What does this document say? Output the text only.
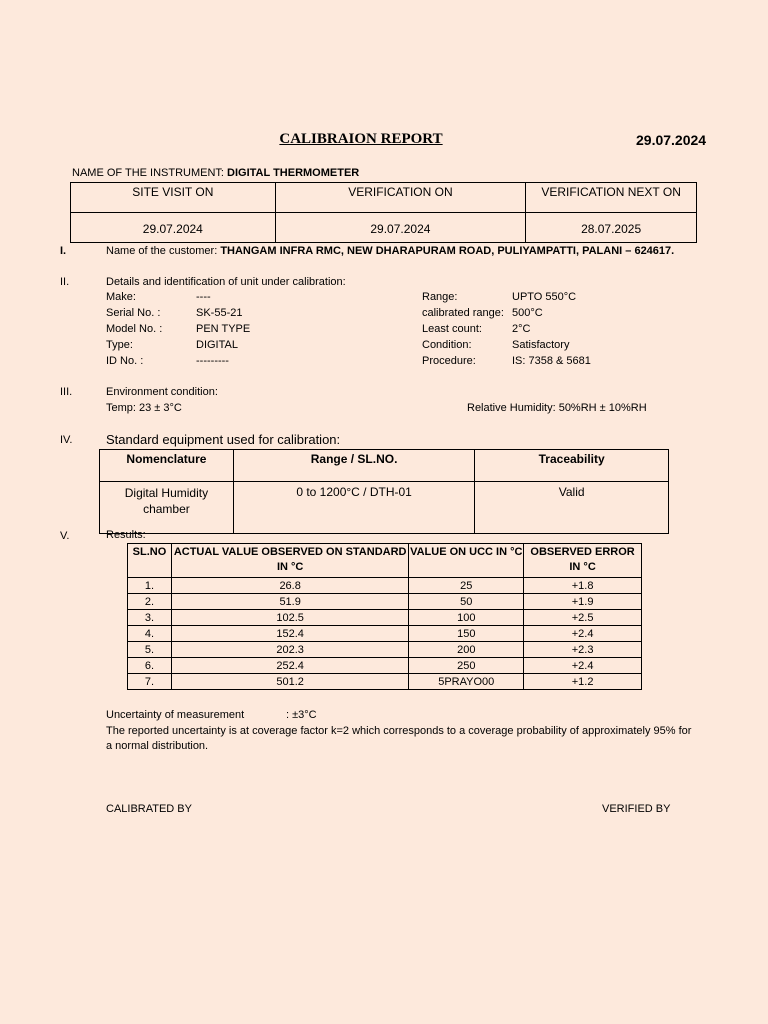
CALIBRAION REPORT	29.07.2024
NAME OF THE INSTRUMENT: DIGITAL THERMOMETER
SITE VISIT ON	VERIFICATION ON	VERIFICATION NEXT ON
29.07.2024	29.07.2024	28.07.2025
I.	Name of the customer: THANGAM INFRA RMC, NEW DHARAPURAM ROAD, PULIYAMPATTI, PALANI – 624617.
II.	Details and identification of unit under calibration:
Make:	----
Serial No. :	SK-55-21
Model No. :	PEN TYPE
Type:	DIGITAL
ID No. :	---------
Range:	UPTO 550°C
calibrated range: 500°C
Least count:	2°C
Condition:	Satisfactory
Procedure:	IS: 7358 & 5681
III.	Environment condition:
Temp: 23 ± 3°C	Relative Humidity: 50%RH ± 10%RH
IV.	Standard equipment used for calibration:
Nomenclature	Range / SL.NO.	Traceability
Digital Humidity chamber	0 to 1200°C / DTH-01	Valid
V.	Results:
SL.NO	ACTUAL VALUE OBSERVED ON STANDARD IN °C	VALUE ON UCC IN °C	OBSERVED ERROR IN °C
1.	26.8	25	+1.8
2.	51.9	50	+1.9
3.	102.5	100	+2.5
4.	152.4	150	+2.4
5.	202.3	200	+2.3
6.	252.4	250	+2.4
7.	501.2	5PRAYO00	+1.2
Uncertainty of measurement	: ±3°C
The reported uncertainty is at coverage factor k=2 which corresponds to a coverage probability of approximately 95% for a normal distribution.
CALIBRATED BY	VERIFIED BY
